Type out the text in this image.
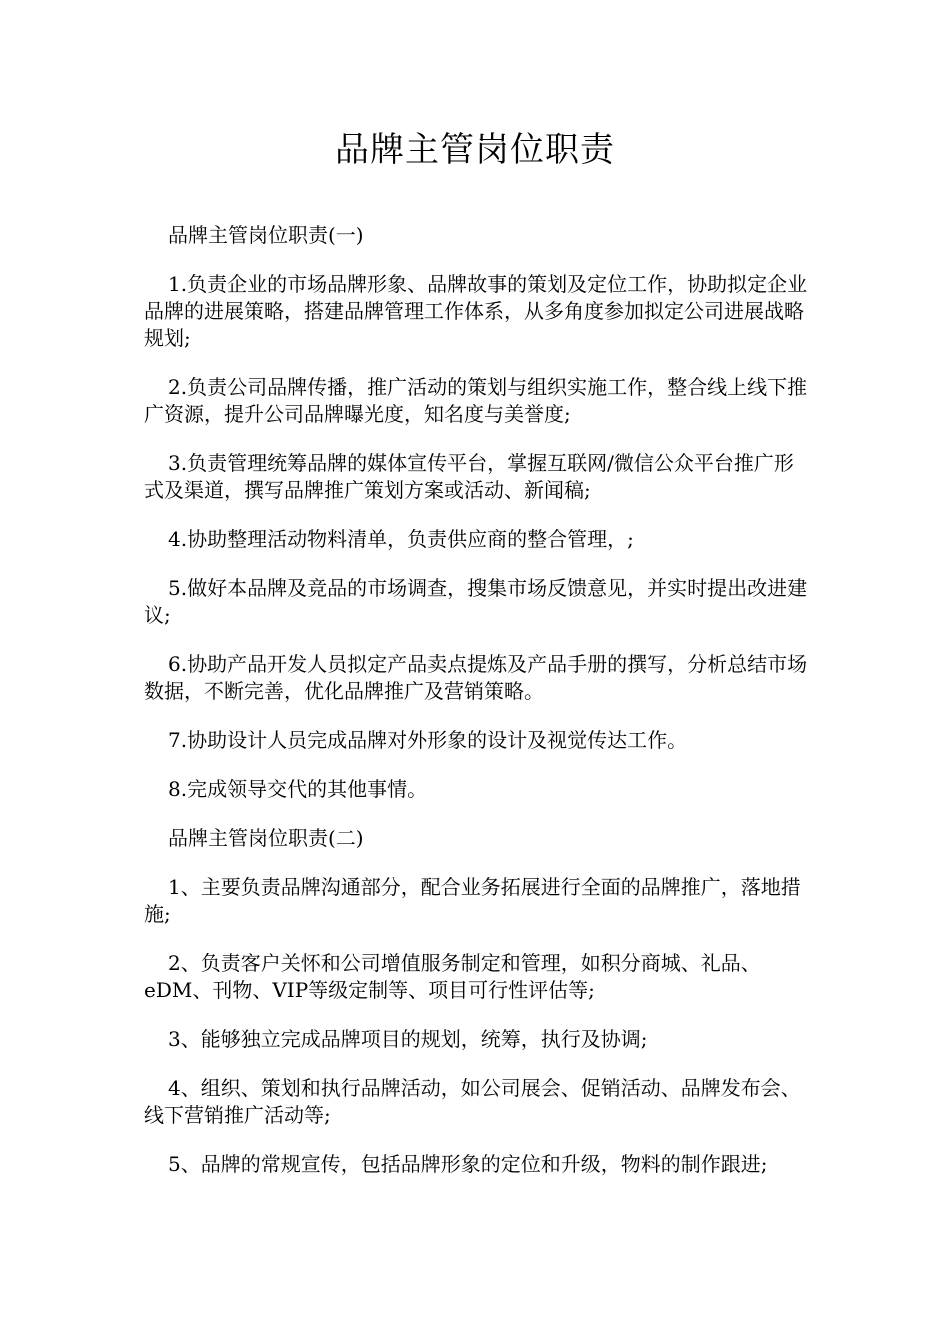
品牌主管岗位职责

品牌主管岗位职责(一)

1.负责企业的市场品牌形象、品牌故事的策划及定位工作，协助拟定企业品牌的进展策略，搭建品牌管理工作体系，从多角度参加拟定公司进展战略规划;

2.负责公司品牌传播，推广活动的策划与组织实施工作，整合线上线下推广资源，提升公司品牌曝光度，知名度与美誉度;

3.负责管理统筹品牌的媒体宣传平台，掌握互联网/微信公众平台推广形式及渠道，撰写品牌推广策划方案或活动、新闻稿;

4.协助整理活动物料清单，负责供应商的整合管理，;

5.做好本品牌及竞品的市场调查，搜集市场反馈意见，并实时提出改进建议;

6.协助产品开发人员拟定产品卖点提炼及产品手册的撰写，分析总结市场数据，不断完善，优化品牌推广及营销策略。

7.协助设计人员完成品牌对外形象的设计及视觉传达工作。

8.完成领导交代的其他事情。

品牌主管岗位职责(二)

1、主要负责品牌沟通部分，配合业务拓展进行全面的品牌推广，落地措施;

2、负责客户关怀和公司增值服务制定和管理，如积分商城、礼品、eDM、刊物、VIP等级定制等、项目可行性评估等;

3、能够独立完成品牌项目的规划，统筹，执行及协调;

4、组织、策划和执行品牌活动，如公司展会、促销活动、品牌发布会、线下营销推广活动等;

5、品牌的常规宣传，包括品牌形象的定位和升级，物料的制作跟进;
